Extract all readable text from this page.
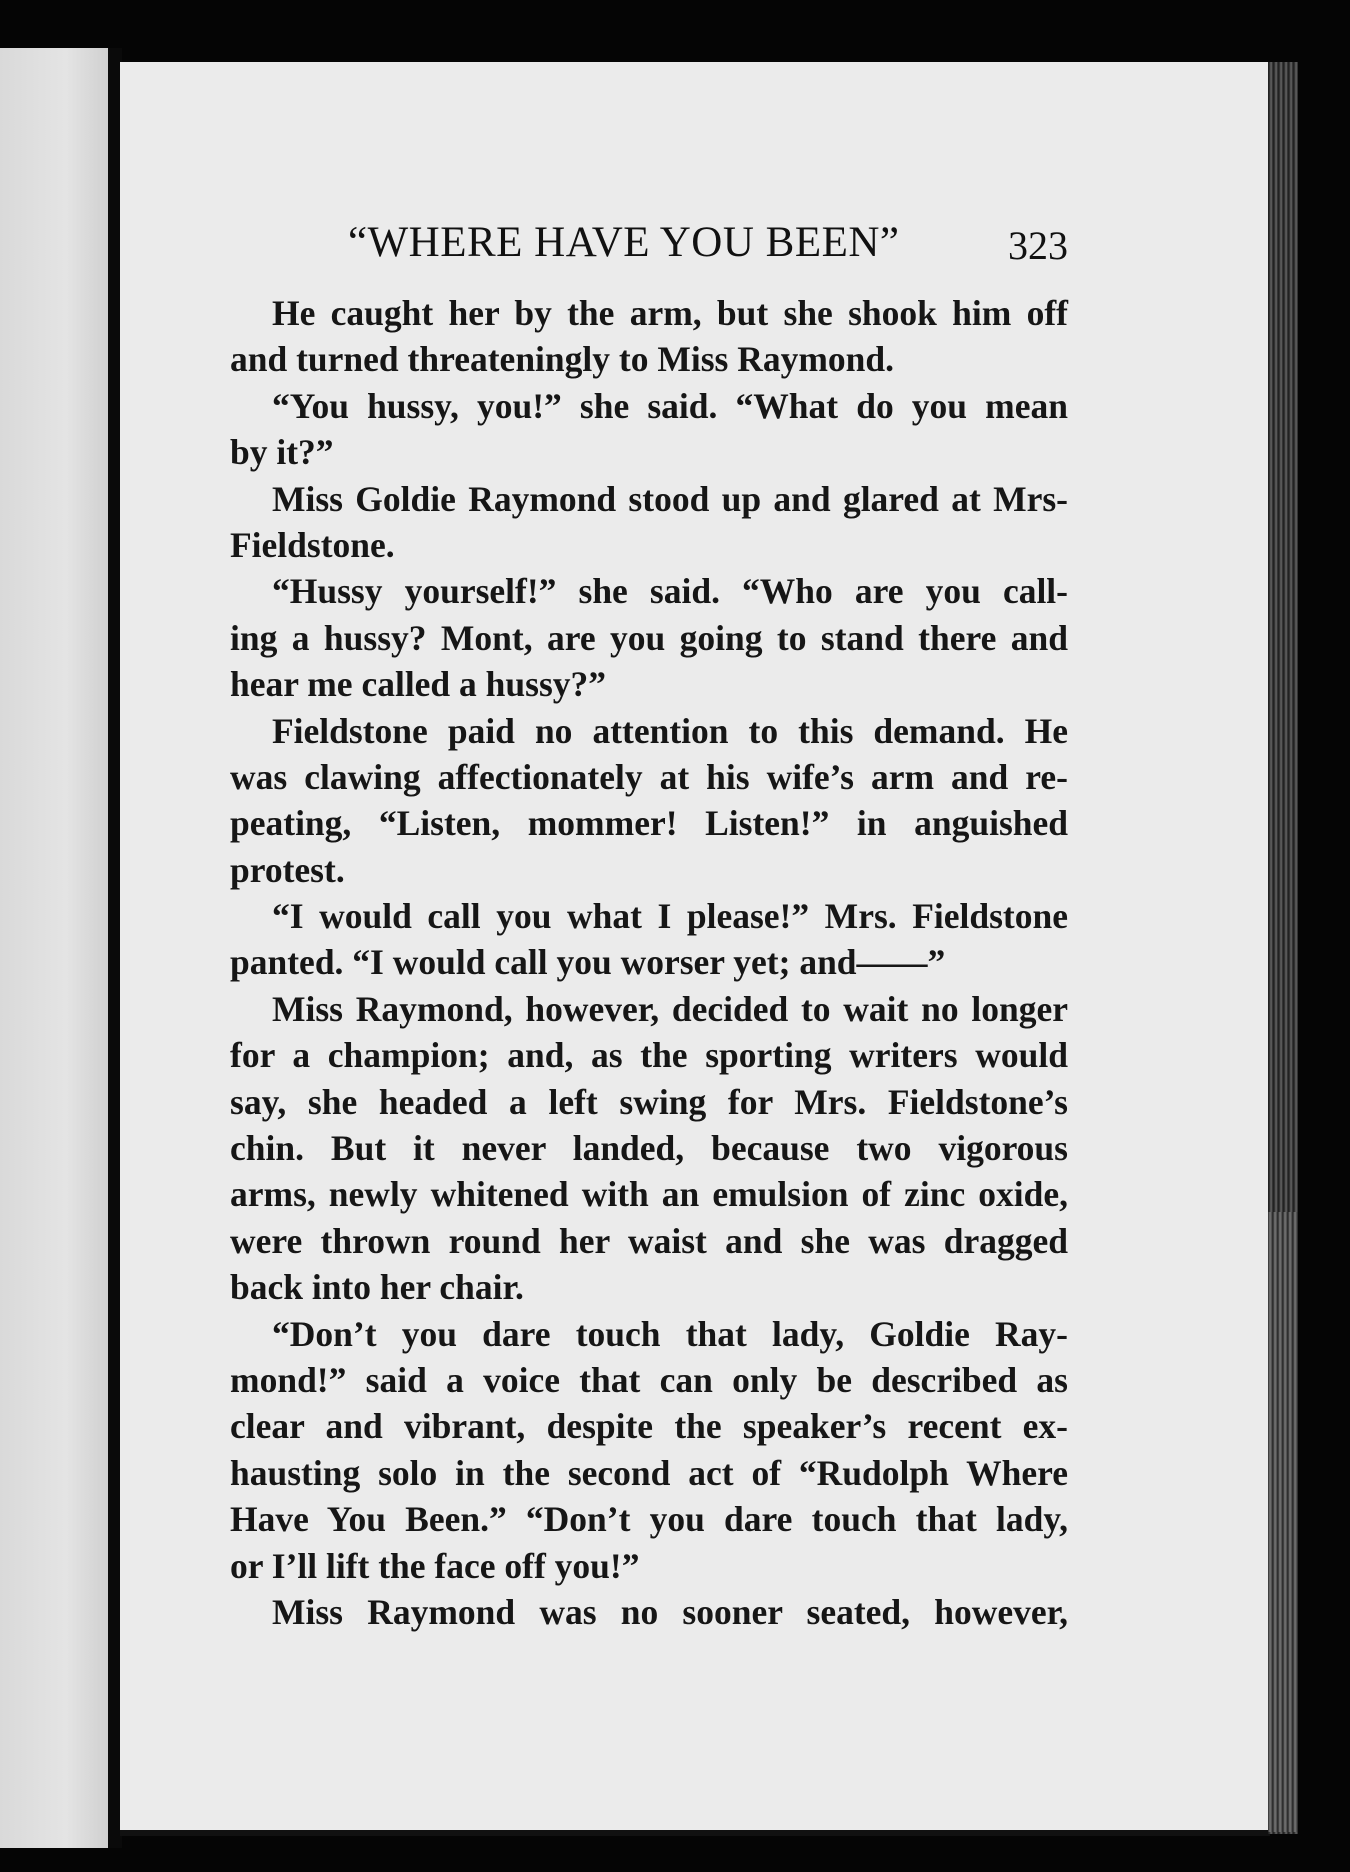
“WHERE HAVE YOU BEEN”	323
He caught her by the arm, but she shook him off
and turned threateningly to Miss Raymond.
“You hussy, you!” she said. “What do you mean
by it?”
Miss Goldie Raymond stood up and glared at Mrs-
Fieldstone.
“Hussy yourself!” she said. “Who are you call-
ing a hussy? Mont, are you going to stand there and
hear me called a hussy?”
Fieldstone paid no attention to this demand. He
was clawing affectionately at his wife’s arm and re-
peating, “Listen, mommer! Listen!” in anguished
protest.
“I would call you what I please!” Mrs. Fieldstone
panted. “I would call you worser yet; and——”
Miss Raymond, however, decided to wait no longer
for a champion; and, as the sporting writers would
say, she headed a left swing for Mrs. Fieldstone’s
chin. But it never landed, because two vigorous
arms, newly whitened with an emulsion of zinc oxide,
were thrown round her waist and she was dragged
back into her chair.
“Don’t you dare touch that lady, Goldie Ray-
mond!” said a voice that can only be described as
clear and vibrant, despite the speaker’s recent ex-
hausting solo in the second act of “Rudolph Where
Have You Been.” “Don’t you dare touch that lady,
or I’ll lift the face off you!”
Miss Raymond was no sooner seated, however,
